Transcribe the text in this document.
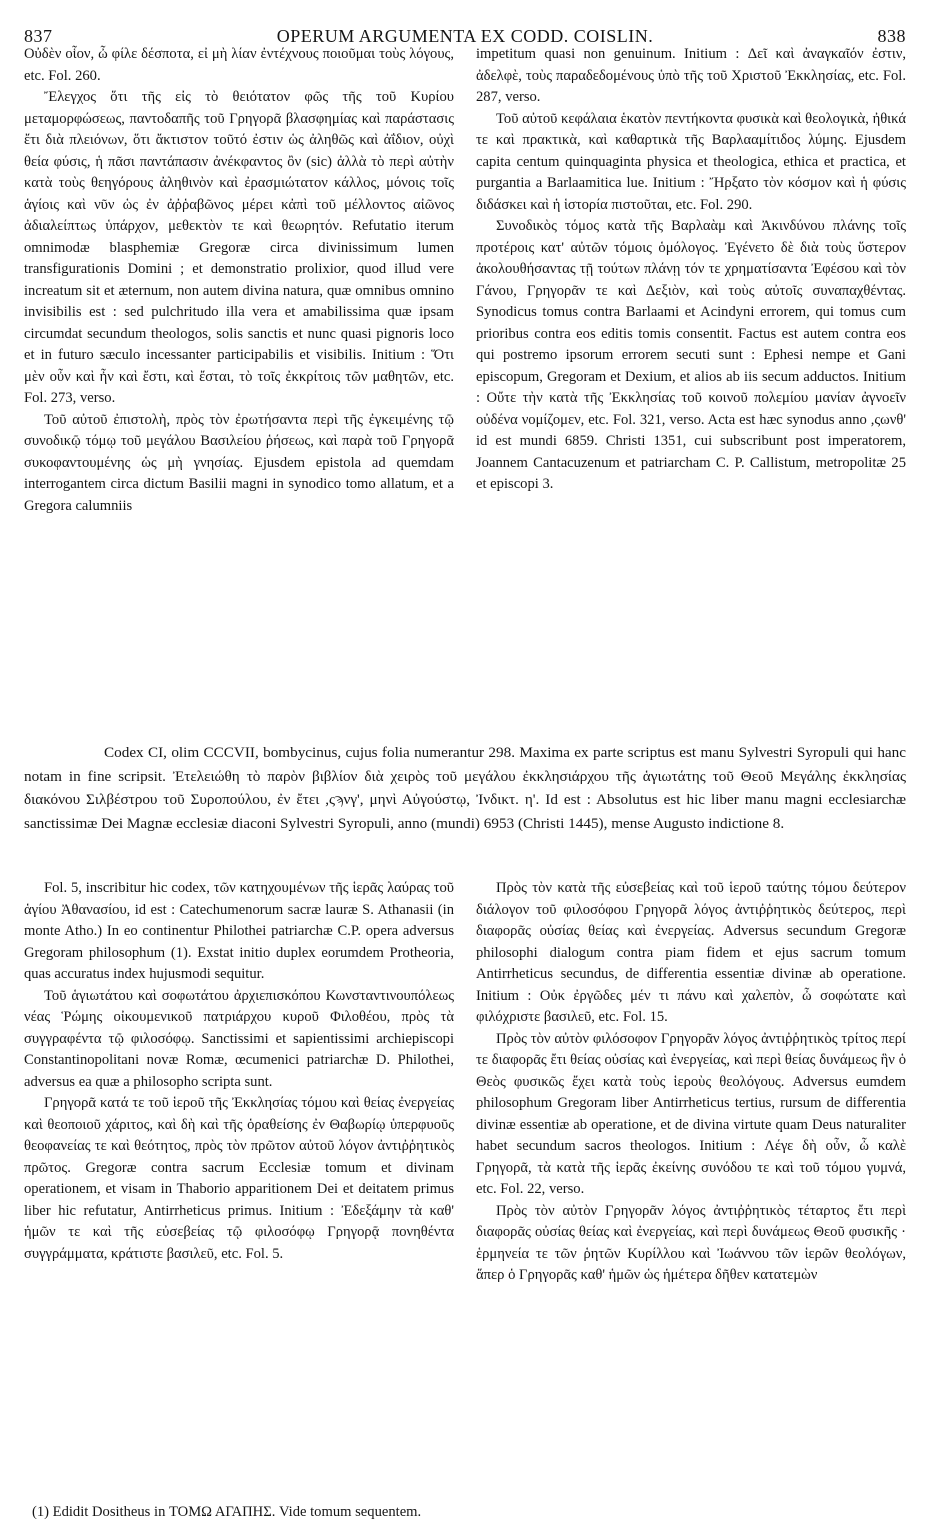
837	OPERUM ARGUMENTA EX CODD. COISLIN.	838

Οὐδὲν οἷον, ὦ φίλε δέσποτα, εἰ μὴ λίαν ἐντέχνους ποιοῦμαι τοὺς λόγους, etc. Fol. 260.

Ἔλεγχος ὅτι τῆς εἰς τὸ θειότατον φῶς τῆς τοῦ Κυρίου μεταμορφώσεως, παντοδαπῆς τοῦ Γρηγορᾶ βλασφημίας καὶ παράστασις ἔτι διὰ πλειόνων, ὅτι ἄκτιστον τοῦτό ἐστιν ὡς ἀληθῶς καὶ ἀΐδιον, οὐχὶ θεία φύσις, ἡ πᾶσι παντάπασιν ἀνέκφαντος ὂν (sic) ἀλλὰ τὸ περὶ αὐτὴν κατὰ τοὺς θεηγόρους ἀληθινὸν καὶ ἐρασμιώτατον κάλλος, μόνοις τοῖς ἁγίοις καὶ νῦν ὡς ἐν ἀῤῥαβῶνος μέρει κἀπὶ τοῦ μέλλοντος αἰῶνος ἀδιαλείπτως ὑπάρχον, μεθεκτὸν τε καὶ θεωρητόν. Refutatio iterum omnimodæ blasphemiæ Gregoræ circa divinissimum lumen transfigurationis Domini ; et demonstratio prolixior, quod illud vere increatum sit et æternum, non autem divina natura, quæ omnibus omnino invisibilis est : sed pulchritudo illa vera et amabilissima quæ ipsam circumdat secundum theologos, solis sanctis et nunc quasi pignoris loco et in futuro sæculo incessanter participabilis et visibilis. Initium : Ὅτι μὲν οὖν καὶ ἦν καὶ ἔστι, καὶ ἔσται, τὸ τοῖς ἐκκρίτοις τῶν μαθητῶν, etc. Fol. 273, verso.

Τοῦ αὐτοῦ ἐπιστολὴ, πρὸς τὸν ἐρωτήσαντα περὶ τῆς ἐγκειμένης τῷ συνοδικῷ τόμῳ τοῦ μεγάλου Βασιλείου ῥήσεως, καὶ παρὰ τοῦ Γρηγορᾶ συκοφαντουμένης ὡς μὴ γνησίας. Ejusdem epistola ad quemdam interrogantem circa dictum Basilii magni in synodico tomo allatum, et a Gregora calumniis

impetitum quasi non genuinum. Initium : Δεῖ καὶ ἀναγκαῖόν ἐστιν, ἀδελφὲ, τοὺς παραδεδομένους ὑπὸ τῆς τοῦ Χριστοῦ Ἐκκλησίας, etc. Fol. 287, verso.

Τοῦ αὐτοῦ κεφάλαια ἑκατὸν πεντήκοντα φυσικὰ καὶ θεολογικὰ, ἠθικά τε καὶ πρακτικὰ, καὶ καθαρτικὰ τῆς Βαρλααμίτιδος λύμης. Ejusdem capita centum quinquaginta physica et theologica, ethica et practica, et purgantia a Barlaamitica lue. Initium : Ἤρξατο τὸν κόσμον καὶ ἡ φύσις διδάσκει καὶ ἡ ἱστορία πιστοῦται, etc. Fol. 290.

Συνοδικὸς τόμος κατὰ τῆς Βαρλαὰμ καὶ Ἀκινδύνου πλάνης τοῖς προτέροις κατ' αὐτῶν τόμοις ὁμόλογος. Ἐγένετο δὲ διὰ τοὺς ὕστερον ἀκολουθήσαντας τῇ τούτων πλάνῃ τόν τε χρηματίσαντα Ἐφέσου καὶ τὸν Γάνου, Γρηγορᾶν τε καὶ Δεξιὸν, καὶ τοὺς αὐτοῖς συναπαχθέντας. Synodicus tomus contra Barlaami et Acindyni errorem, qui tomus cum prioribus contra eos editis tomis consentit. Factus est autem contra eos qui postremo ipsorum errorem secuti sunt : Ephesi nempe et Gani episcopum, Gregoram et Dexium, et alios ab iis secum adductos. Initium : Οὔτε τὴν κατὰ τῆς Ἐκκλησίας τοῦ κοινοῦ πολεμίου μανίαν ἀγνοεῖν οὐδένα νομίζομεν, etc. Fol. 321, verso. Acta est hæc synodus anno ,ςωνθ' id est mundi 6859. Christi 1351, cui subscribunt post imperatorem, Joannem Cantacuzenum et patriarcham C. P. Callistum, metropolitæ 25 et episcopi 3.

Codex CI, olim CCCVII, bombycinus, cujus folia numerantur 298. Maxima ex parte scriptus est manu Sylvestri Syropuli qui hanc notam in fine scripsit. Ἐτελειώθη τὸ παρὸν βιβλίον διὰ χειρὸς τοῦ μεγάλου ἐκκλησιάρχου τῆς ἁγιωτάτης τοῦ Θεοῦ Μεγάλης ἐκκλησίας διακόνου Σιλβέστρου τοῦ Συροπούλου, ἐν ἔτει ,ςϡνγ', μηνὶ Αὐγούστῳ, Ἰνδικτ. η'. Id est : Absolutus est hic liber manu magni ecclesiarchæ sanctissimæ Dei Magnæ ecclesiæ diaconi Sylvestri Syropuli, anno (mundi) 6953 (Christi 1445), mense Augusto indictione 8.

Fol. 5, inscribitur hic codex, τῶν κατηχουμένων τῆς ἱερᾶς λαύρας τοῦ ἁγίου Ἀθανασίου, id est : Catechumenorum sacræ lauræ S. Athanasii (in monte Atho.) In eo continentur Philothei patriarchæ C.P. opera adversus Gregoram philosophum (1). Exstat initio duplex eorumdem Protheoria, quas accuratus index hujusmodi sequitur.

Τοῦ ἁγιωτάτου καὶ σοφωτάτου ἀρχιεπισκόπου Κωνσταντινουπόλεως νέας Ῥώμης οἰκουμενικοῦ πατριάρχου κυροῦ Φιλοθέου, πρὸς τὰ συγγραφέντα τῷ φιλοσόφῳ. Sanctissimi et sapientissimi archiepiscopi Constantinopolitani novæ Romæ, œcumenici patriarchæ D. Philothei, adversus ea quæ a philosopho scripta sunt.

Γρηγορᾶ κατά τε τοῦ ἱεροῦ τῆς Ἐκκλησίας τόμου καὶ θείας ἐνεργείας καὶ θεοποιοῦ χάριτος, καὶ δὴ καὶ τῆς ὁραθείσης ἐν Θαβωρίῳ ὑπερφυοῦς θεοφανείας τε καὶ θεότητος, πρὸς τὸν πρῶτον αὐτοῦ λόγον ἀντιῤῥητικὸς πρῶτος. Gregoræ contra sacrum Ecclesiæ tomum et divinam operationem, et visam in Thaborio apparitionem Dei et deitatem primus liber hic refutatur, Antirrheticus primus. Initium : Ἐδεξάμην τὰ καθ' ἡμῶν τε καὶ τῆς εὐσεβείας τῷ φιλοσόφῳ Γρηγορᾷ πονηθέντα συγγράμματα, κράτιστε βασιλεῦ, etc. Fol. 5.

Πρὸς τὸν κατὰ τῆς εὐσεβείας καὶ τοῦ ἱεροῦ ταύτης τόμου δεύτερον διάλογον τοῦ φιλοσόφου Γρηγορᾶ λόγος ἀντιῤῥητικὸς δεύτερος, περὶ διαφορᾶς οὐσίας θείας καὶ ἐνεργείας. Adversus secundum Gregoræ philosophi dialogum contra piam fidem et ejus sacrum tomum Antirrheticus secundus, de differentia essentiæ divinæ ab operatione. Initium : Οὐκ ἐργῶδες μέν τι πάνυ καὶ χαλεπὸν, ὦ σοφώτατε καὶ φιλόχριστε βασιλεῦ, etc. Fol. 15.

Πρὸς τὸν αὐτὸν φιλόσοφον Γρηγορᾶν λόγος ἀντιῤῥητικὸς τρίτος περί τε διαφορᾶς ἔτι θείας οὐσίας καὶ ἐνεργείας, καὶ περὶ θείας δυνάμεως ἣν ὁ Θεὸς φυσικῶς ἔχει κατὰ τοὺς ἱεροὺς θεολόγους. Adversus eumdem philosophum Gregoram liber Antirrheticus tertius, rursum de differentia divinæ essentiæ ab operatione, et de divina virtute quam Deus naturaliter habet secundum sacros theologos. Initium : Λέγε δὴ οὖν, ὦ καλὲ Γρηγορᾶ, τὰ κατὰ τῆς ἱερᾶς ἐκείνης συνόδου τε καὶ τοῦ τόμου γυμνά, etc. Fol. 22, verso.

Πρὸς τὸν αὐτὸν Γρηγορᾶν λόγος ἀντιῤῥητικὸς τέταρτος ἔτι περὶ διαφορᾶς οὐσίας θείας καὶ ἐνεργείας, καὶ περὶ δυνάμεως Θεοῦ φυσικῆς · ἑρμηνεία τε τῶν ῥητῶν Κυρίλλου καὶ Ἰωάννου τῶν ἱερῶν θεολόγων, ἅπερ ὁ Γρηγορᾶς καθ' ἡμῶν ὡς ἡμέτερα δῆθεν κατατεμὼν

(1) Edidit Dositheus in ΤΟΜΩ ΑΓΑΠΗΣ. Vide tomum sequentem.
